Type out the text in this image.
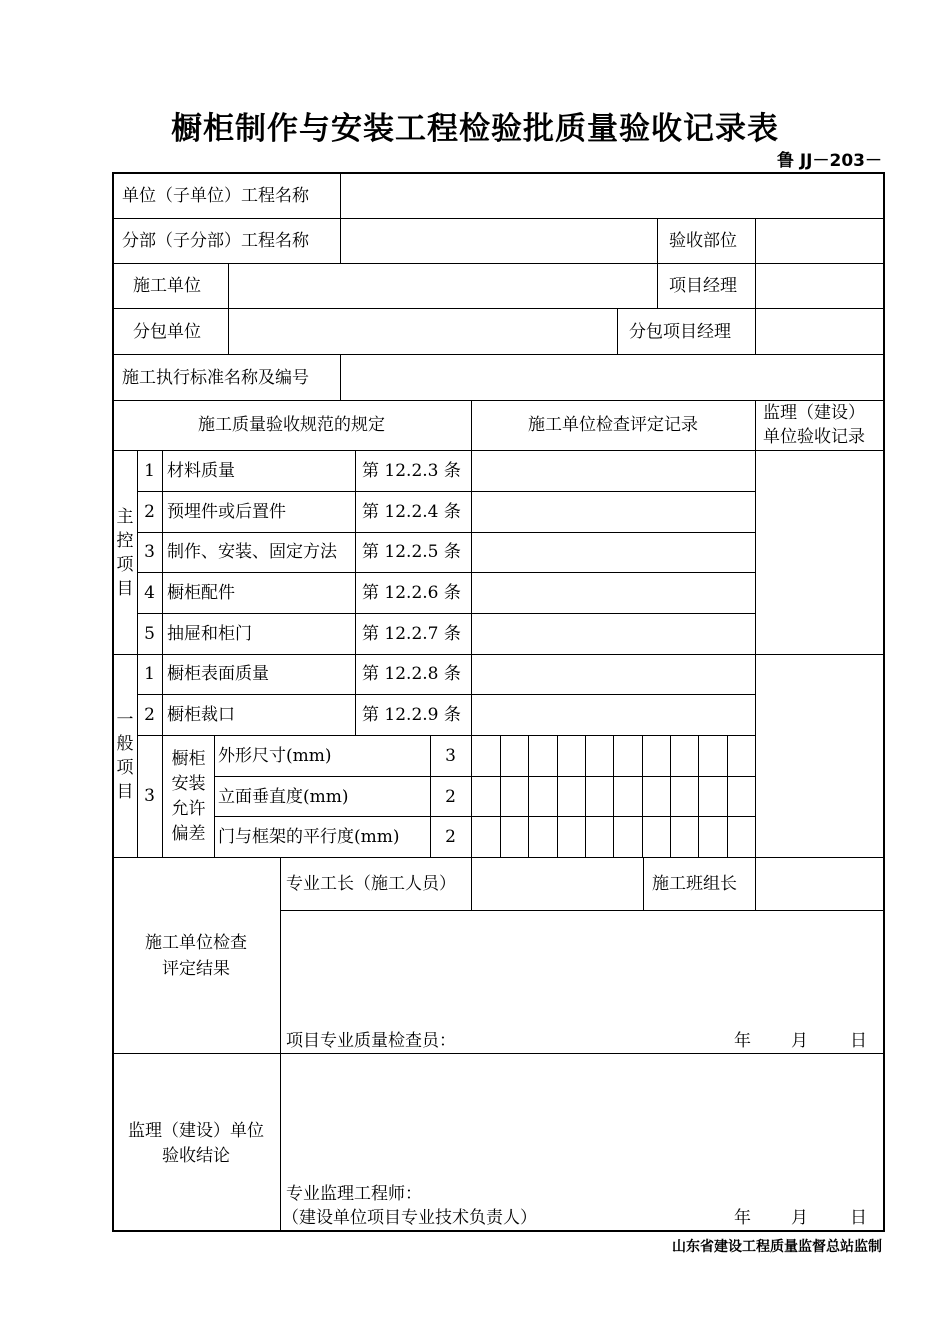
橱柜制作与安装工程检验批质量验收记录表
鲁 JJ－203－
单位（子单位）工程名称
分部（子分部）工程名称	验收部位
施工单位	项目经理
分包单位	分包项目经理
施工执行标准名称及编号
施工质量验收规范的规定	施工单位检查评定记录
监理（建设）
单位验收记录
主
控
项
目
1 材料质量	第 12.2.3 条
2 预埋件或后置件	第 12.2.4 条
3 制作、安装、固定方法 第 12.2.5 条
4 橱柜配件	第 12.2.6 条
5 抽屉和柜门	第 12.2.7 条
一
般
项
目
1 橱柜表面质量	第 12.2.8 条
2 橱柜裁口	第 12.2.9 条
3
橱柜
安装
允许
偏差
外形尺寸(mm)	3
立面垂直度(mm)	2
门与框架的平行度(mm)	2
施工单位检查
评定结果
专业工长（施工人员）	施工班组长
项目专业质量检查员：	年 月 日
监理（建设）单位
验收结论
专业监理工程师：
（建设单位项目专业技术负责人）	年 月 日
山东省建设工程质量监督总站监制
